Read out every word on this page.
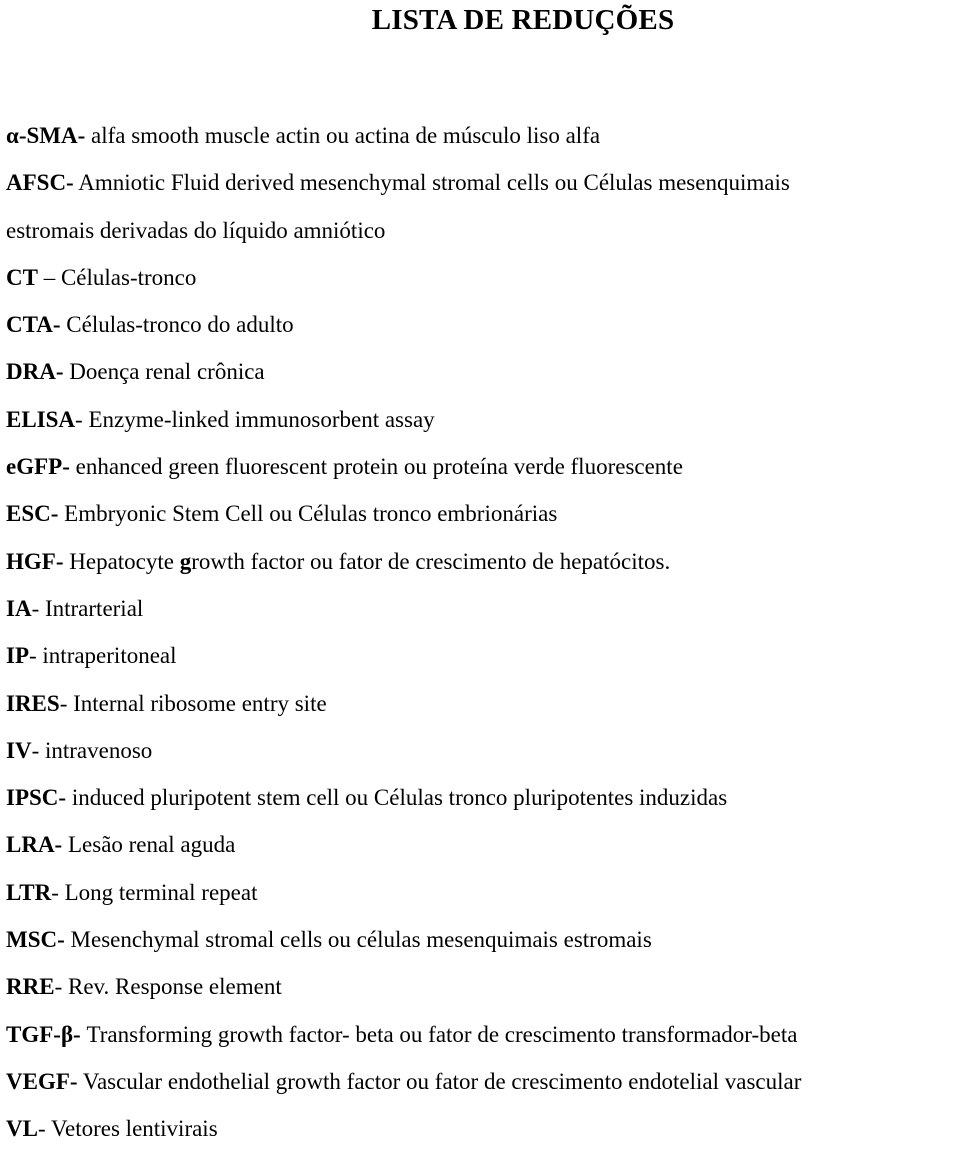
LISTA DE REDUÇÕES
α-SMA- alfa smooth muscle actin ou actina de músculo liso alfa
AFSC- Amniotic Fluid derived mesenchymal stromal cells ou Células mesenquimais
estromais derivadas do líquido amniótico
CT – Células-tronco
CTA- Células-tronco do adulto
DRA- Doença renal crônica
ELISA- Enzyme-linked immunosorbent assay
eGFP- enhanced green fluorescent protein ou proteína verde fluorescente
ESC- Embryonic Stem Cell ou Células tronco embrionárias
HGF- Hepatocyte growth factor ou fator de crescimento de hepatócitos.
IA- Intrarterial
IP- intraperitoneal
IRES- Internal ribosome entry site
IV- intravenoso
IPSC- induced pluripotent stem cell ou Células tronco pluripotentes induzidas
LRA- Lesão renal aguda
LTR- Long terminal repeat
MSC- Mesenchymal stromal cells ou células mesenquimais estromais
RRE- Rev. Response element
TGF-β- Transforming growth factor- beta ou fator de crescimento transformador-beta
VEGF- Vascular endothelial growth factor ou fator de crescimento endotelial vascular
VL- Vetores lentivirais
